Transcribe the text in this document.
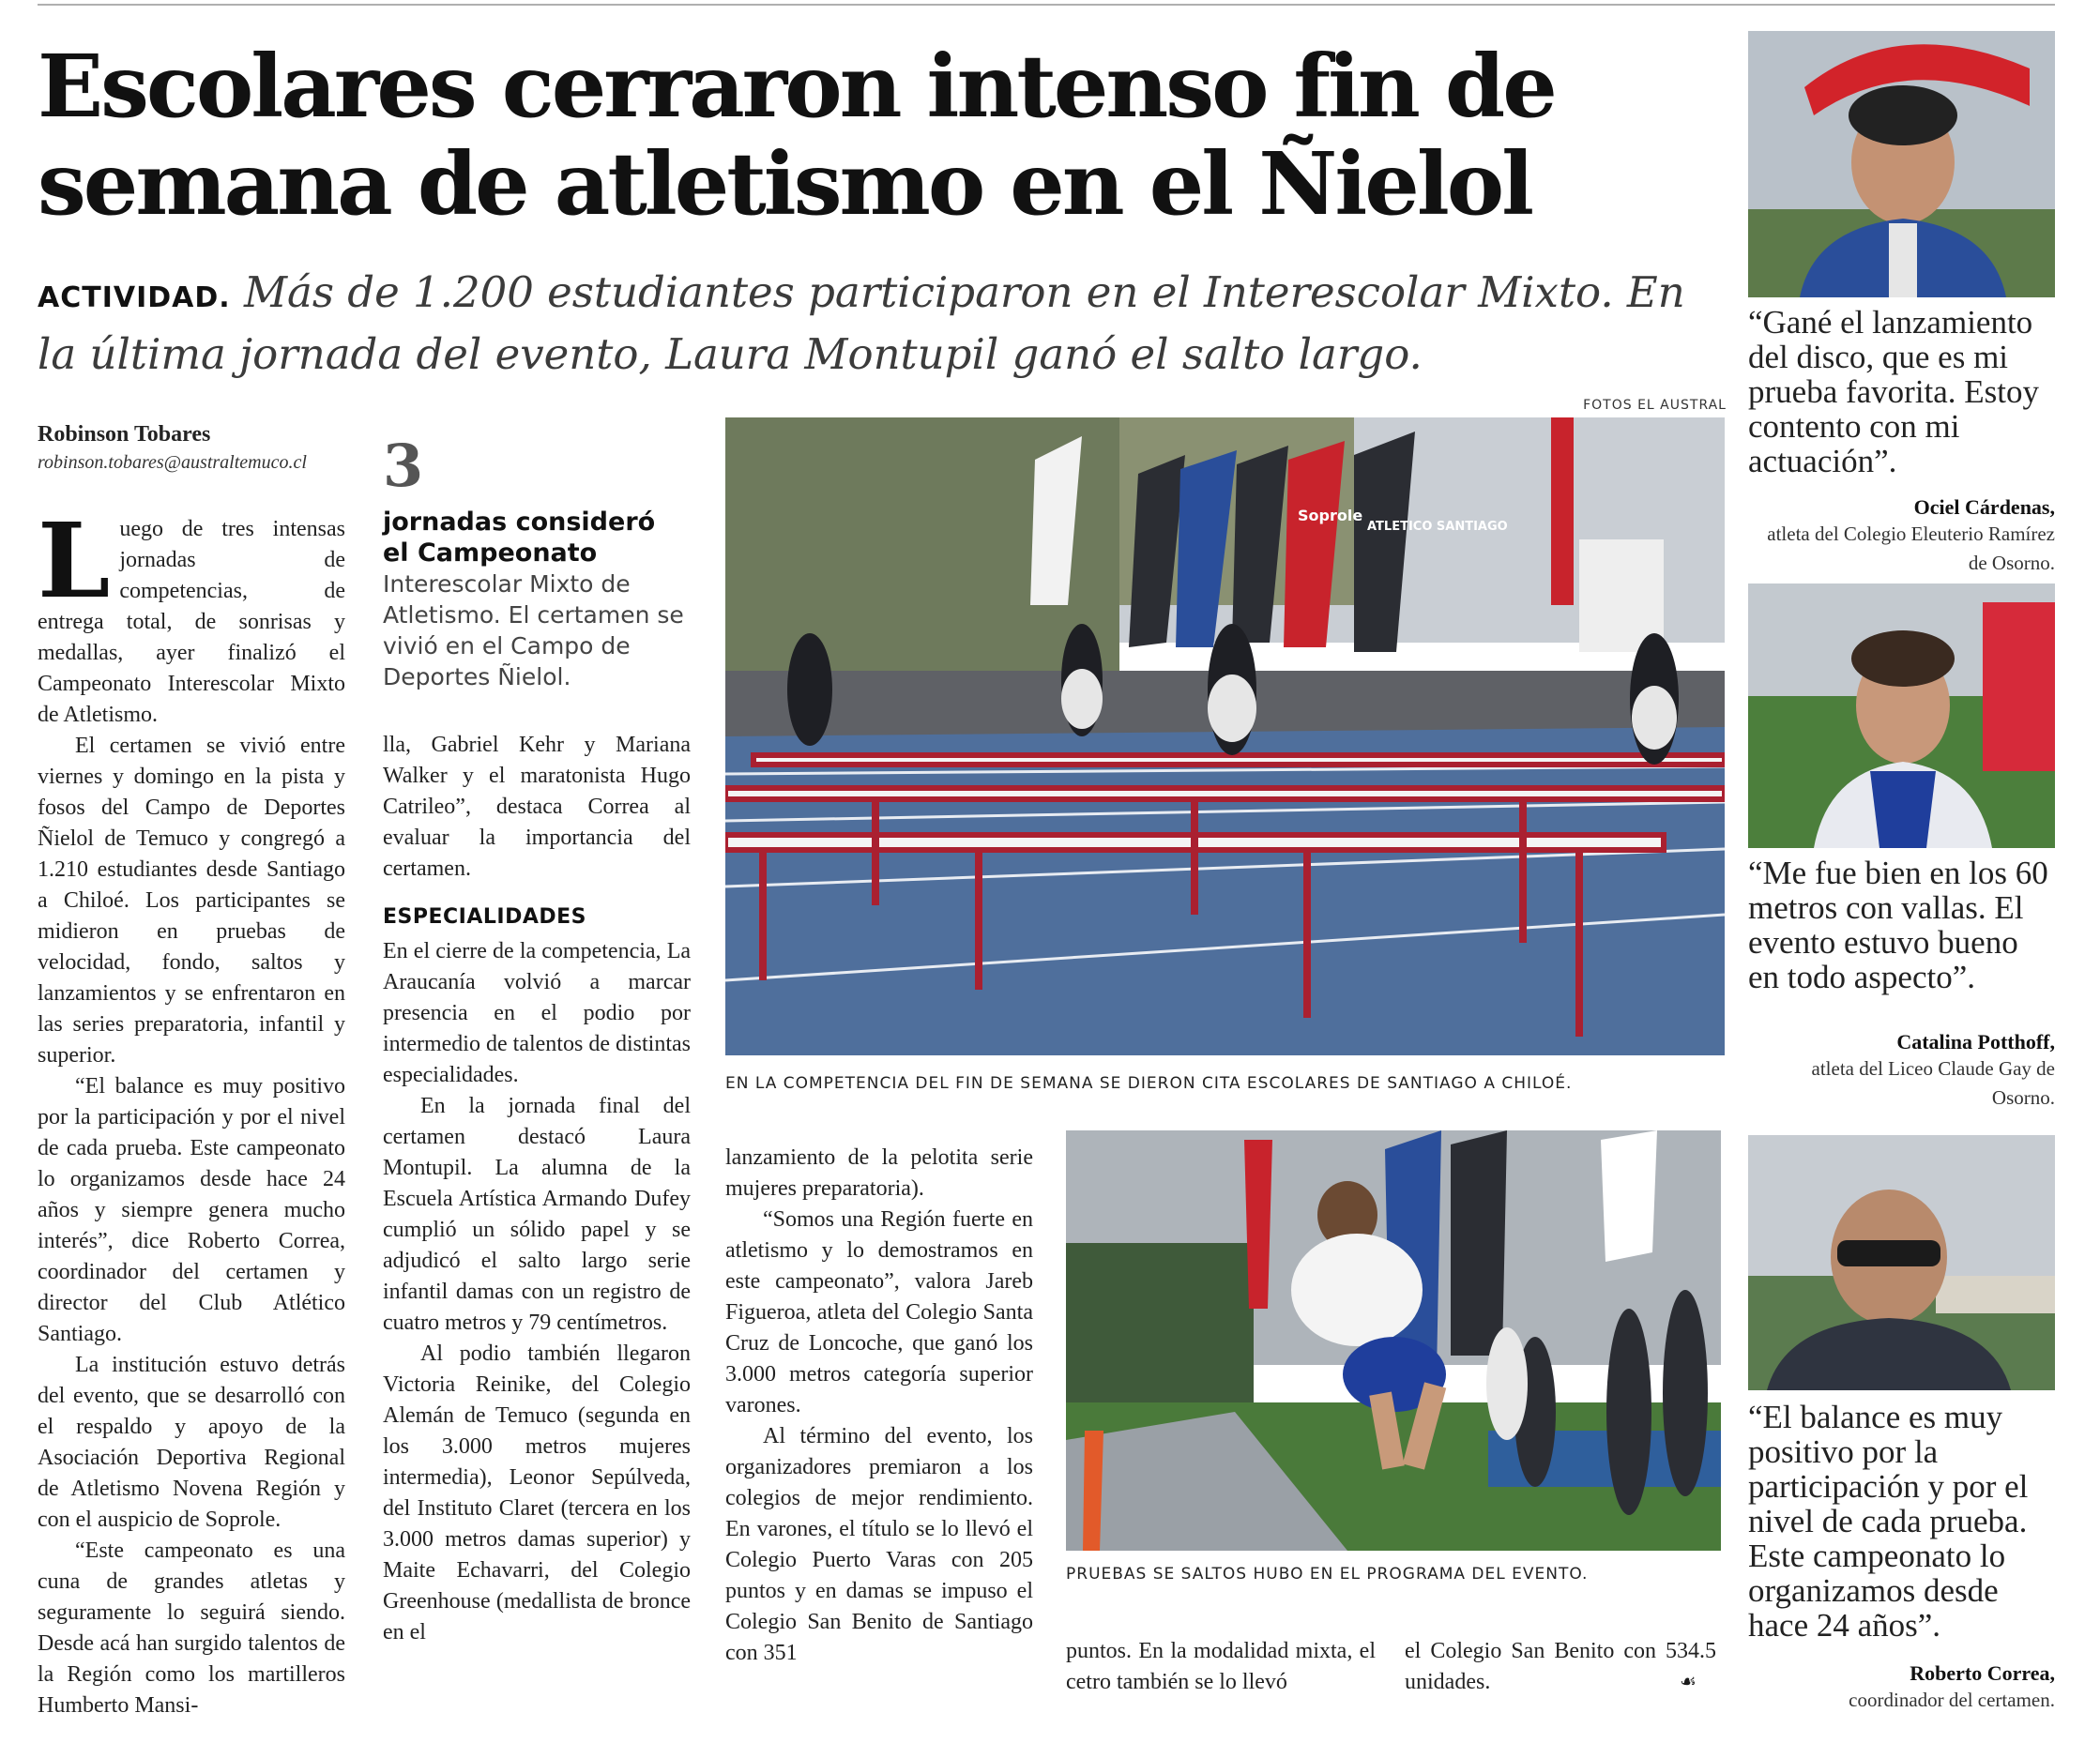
Escolares cerraron intenso fin de semana de atletismo en el Ñielol

ACTIVIDAD. Más de 1.200 estudiantes participaron en el Interescolar Mixto. En la última jornada del evento, Laura Montupil ganó el salto largo.

FOTOS EL AUSTRAL
Robinson Tobares
robinson.tobares@australtemuco.cl
L uego de tres intensas jornadas de competencias, de entrega total, de sonrisas y medallas, ayer finalizó el Campeonato Interescolar Mixto de Atletismo.

El certamen se vivió entre viernes y domingo en la pista y fosos del Campo de Deportes Ñielol de Temuco y congregó a 1.210 estudiantes desde Santiago a Chiloé. Los participantes se midieron en pruebas de velocidad, fondo, saltos y lanzamientos y se enfrentaron en las series preparatoria, infantil y superior.

“El balance es muy positivo por la participación y por el nivel de cada prueba. Este campeonato lo organizamos desde hace 24 años y siempre genera mucho interés”, dice Roberto Correa, coordinador del certamen y director del Club Atlético Santiago.

La institución estuvo detrás del evento, que se desarrolló con el respaldo y apoyo de la Asociación Deportiva Regional de Atletismo Novena Región y con el auspicio de Soprole.

“Este campeonato es una cuna de grandes atletas y seguramente lo seguirá siendo. Desde acá han surgido talentos de la Región como los martilleros Humberto Mansi-

3
jornadas consideró el Campeonato Interescolar Mixto de Atletismo. El certamen se vivió en el Campo de Deportes Ñielol.

lla, Gabriel Kehr y Mariana Walker y el maratonista Hugo Catrileo”, destaca Correa al evaluar la importancia del certamen.

ESPECIALIDADES

En el cierre de la competencia, La Araucanía volvió a marcar presencia en el podio por intermedio de talentos de distintas especialidades.

En la jornada final del certamen destacó Laura Montupil. La alumna de la Escuela Artística Armando Dufey cumplió un sólido papel y se adjudicó el salto largo serie infantil damas con un registro de cuatro metros y 79 centímetros.

Al podio también llegaron Victoria Reinike, del Colegio Alemán de Temuco (segunda en los 3.000 metros mujeres intermedia), Leonor Sepúlveda, del Instituto Claret (tercera en los 3.000 metros damas superior) y Maite Echavarri, del Colegio Greenhouse (medallista de bronce en el

ATLETICO SANTIAGO
Soprole
EN LA COMPETENCIA DEL FIN DE SEMANA SE DIERON CITA ESCOLARES DE SANTIAGO A CHILOÉ.

lanzamiento de la pelotita serie mujeres preparatoria).

“Somos una Región fuerte en atletismo y lo demostramos en este campeonato”, valora Jareb Figueroa, atleta del Colegio Santa Cruz de Loncoche, que ganó los 3.000 metros categoría superior varones.

Al término del evento, los organizadores premiaron a los colegios de mejor rendimiento. En varones, el título se lo llevó el Colegio Puerto Varas con 205 puntos y en damas se impuso el Colegio San Benito de Santiago con 351

PRUEBAS SE SALTOS HUBO EN EL PROGRAMA DEL EVENTO.

puntos. En la modalidad mixta, el cetro también se lo llevó

el Colegio San Benito con 534.5 unidades.	☙

“Gané el lanzamiento del disco, que es mi prueba favorita. Estoy contento con mi actuación”.

Ociel Cárdenas,
atleta del Colegio Eleuterio Ramírez de Osorno.

“Me fue bien en los 60 metros con vallas. El evento estuvo bueno en todo aspecto”.

Catalina Potthoff,
atleta del Liceo Claude Gay de Osorno.

“El balance es muy positivo por la participación y por el nivel de cada prueba. Este campeonato lo organizamos desde hace 24 años”.

Roberto Correa,
coordinador del certamen.
